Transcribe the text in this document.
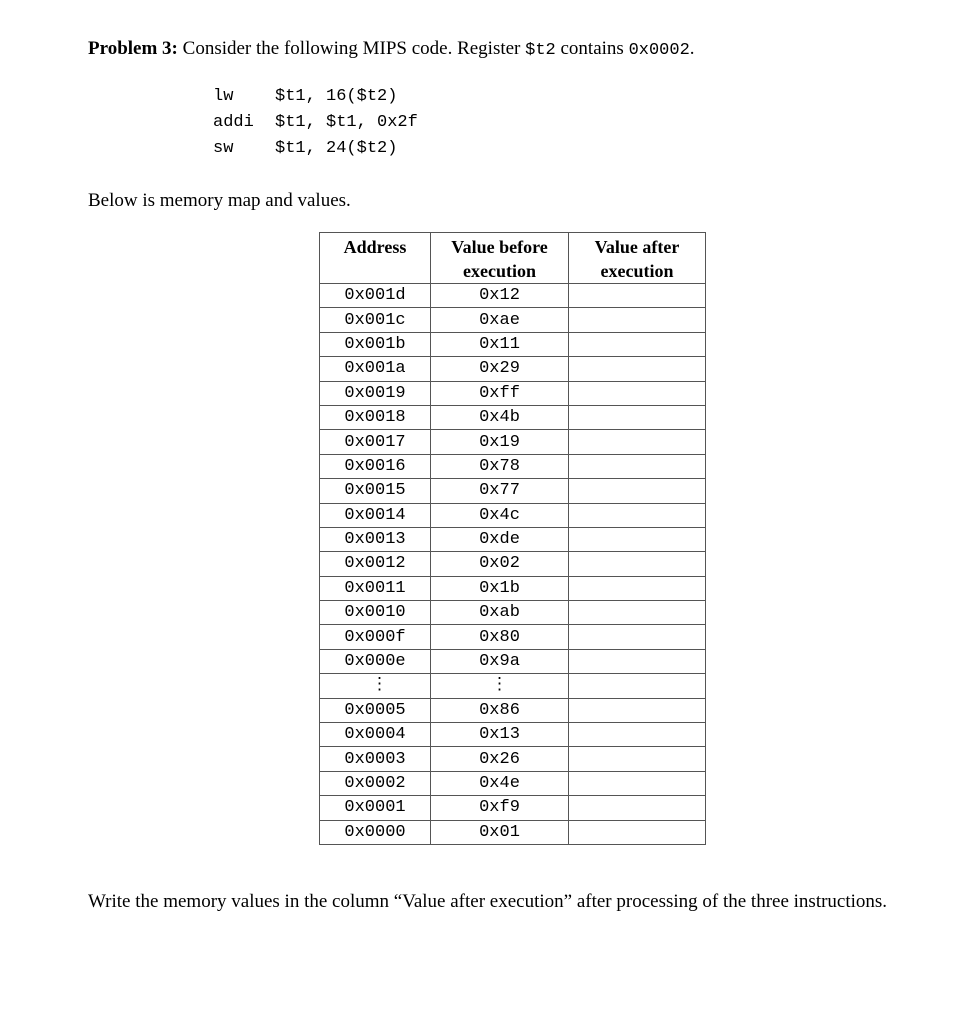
Problem 3: Consider the following MIPS code. Register $t2 contains 0x0002.
lw	$t1, 16($t2)
addi	$t1, $t1, 0x2f
sw	$t1, 24($t2)
Below is memory map and values.
Address	Value before execution	Value after execution
0x001d	0x12	
0x001c	0xae	
0x001b	0x11	
0x001a	0x29	
0x0019	0xff	
0x0018	0x4b	
0x0017	0x19	
0x0016	0x78	
0x0015	0x77	
0x0014	0x4c	
0x0013	0xde	
0x0012	0x02	
0x0011	0x1b	
0x0010	0xab	
0x000f	0x80	
0x000e	0x9a	
⋮	⋮	
0x0005	0x86	
0x0004	0x13	
0x0003	0x26	
0x0002	0x4e	
0x0001	0xf9	
0x0000	0x01	
Write the memory values in the column “Value after execution” after processing of the three instructions.
